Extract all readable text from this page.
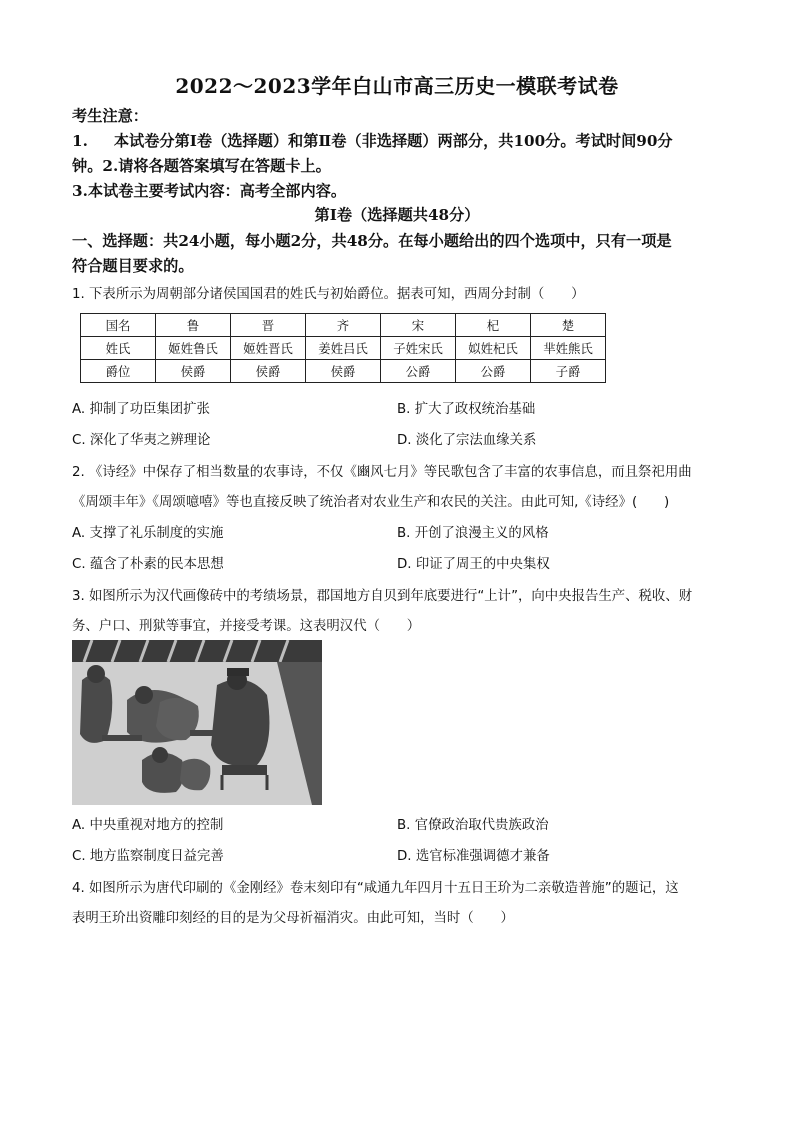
2022～2023学年白山市高三历史一模联考试卷
考生注意：
1. 本试卷分第Ⅰ卷（选择题）和第Ⅱ卷（非选择题）两部分，共100分。考试时间90分
钟。2.请将各题答案填写在答题卡上。
3.本试卷主要考试内容：高考全部内容。
第Ⅰ卷（选择题共48分）
一、选择题：共24小题，每小题2分，共48分。在每小题给出的四个选项中，只有一项是
符合题目要求的。
1. 下表所示为周朝部分诸侯国国君的姓氏与初始爵位。据表可知，西周分封制（　　）
国名	鲁	晋	齐	宋	杞	楚
姓氏	姬姓鲁氏	姬姓晋氏	姜姓吕氏	子姓宋氏	姒姓杞氏	芈姓熊氏
爵位	侯爵	侯爵	侯爵	公爵	公爵	子爵
A. 抑制了功臣集团扩张	B. 扩大了政权统治基础
C. 深化了华夷之辨理论	D. 淡化了宗法血缘关系
2. 《诗经》中保存了相当数量的农事诗，不仅《豳风七月》等民歌包含了丰富的农事信息，而且祭祀用曲
《周颂丰年》《周颂噫嘻》等也直接反映了统治者对农业生产和农民的关注。由此可知,《诗经》(　　)
A. 支撑了礼乐制度的实施	B. 开创了浪漫主义的风格
C. 蕴含了朴素的民本思想	D. 印证了周王的中央集权
3. 如图所示为汉代画像砖中的考绩场景，郡国地方自贝到年底要进行“上计”，向中央报告生产、税收、财
务、户口、刑狱等事宜，并接受考课。这表明汉代（　　）
A. 中央重视对地方的控制	B. 官僚政治取代贵族政治
C. 地方监察制度日益完善	D. 选官标准强调德才兼备
4. 如图所示为唐代印刷的《金刚经》卷末刻印有“咸通九年四月十五日王玠为二亲敬造普施”的题记，这
表明王玠出资雕印刻经的目的是为父母祈福消灾。由此可知，当时（　　）
